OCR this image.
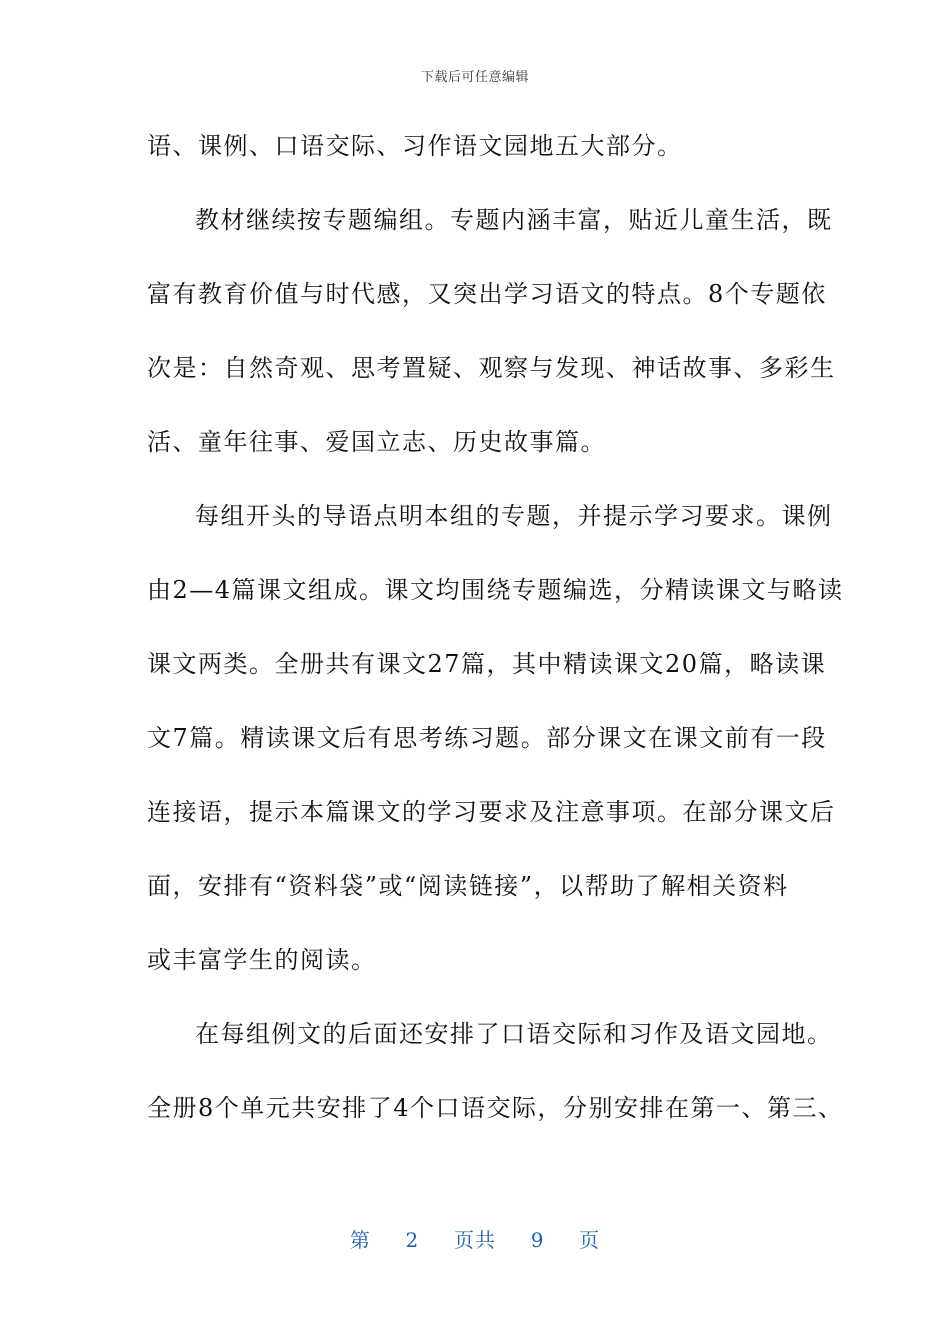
下载后可任意编辑
语、课例、口语交际、习作语文园地五大部分。
教材继续按专题编组。专题内涵丰富，贴近儿童生活，既
富有教育价值与时代感，又突出学习语文的特点。8个专题依
次是：自然奇观、思考置疑、观察与发现、神话故事、多彩生
活、童年往事、爱国立志、历史故事篇。
每组开头的导语点明本组的专题，并提示学习要求。课例
由2—4篇课文组成。课文均围绕专题编选，分精读课文与略读
课文两类。全册共有课文27篇，其中精读课文20篇，略读课
文7篇。精读课文后有思考练习题。部分课文在课文前有一段
连接语，提示本篇课文的学习要求及注意事项。在部分课文后
面，安排有“资料袋”或“阅读链接”，以帮助了解相关资料
或丰富学生的阅读。
在每组例文的后面还安排了口语交际和习作及语文园地。
全册8个单元共安排了4个口语交际，分别安排在第一、第三、
第 2 页共 9 页
